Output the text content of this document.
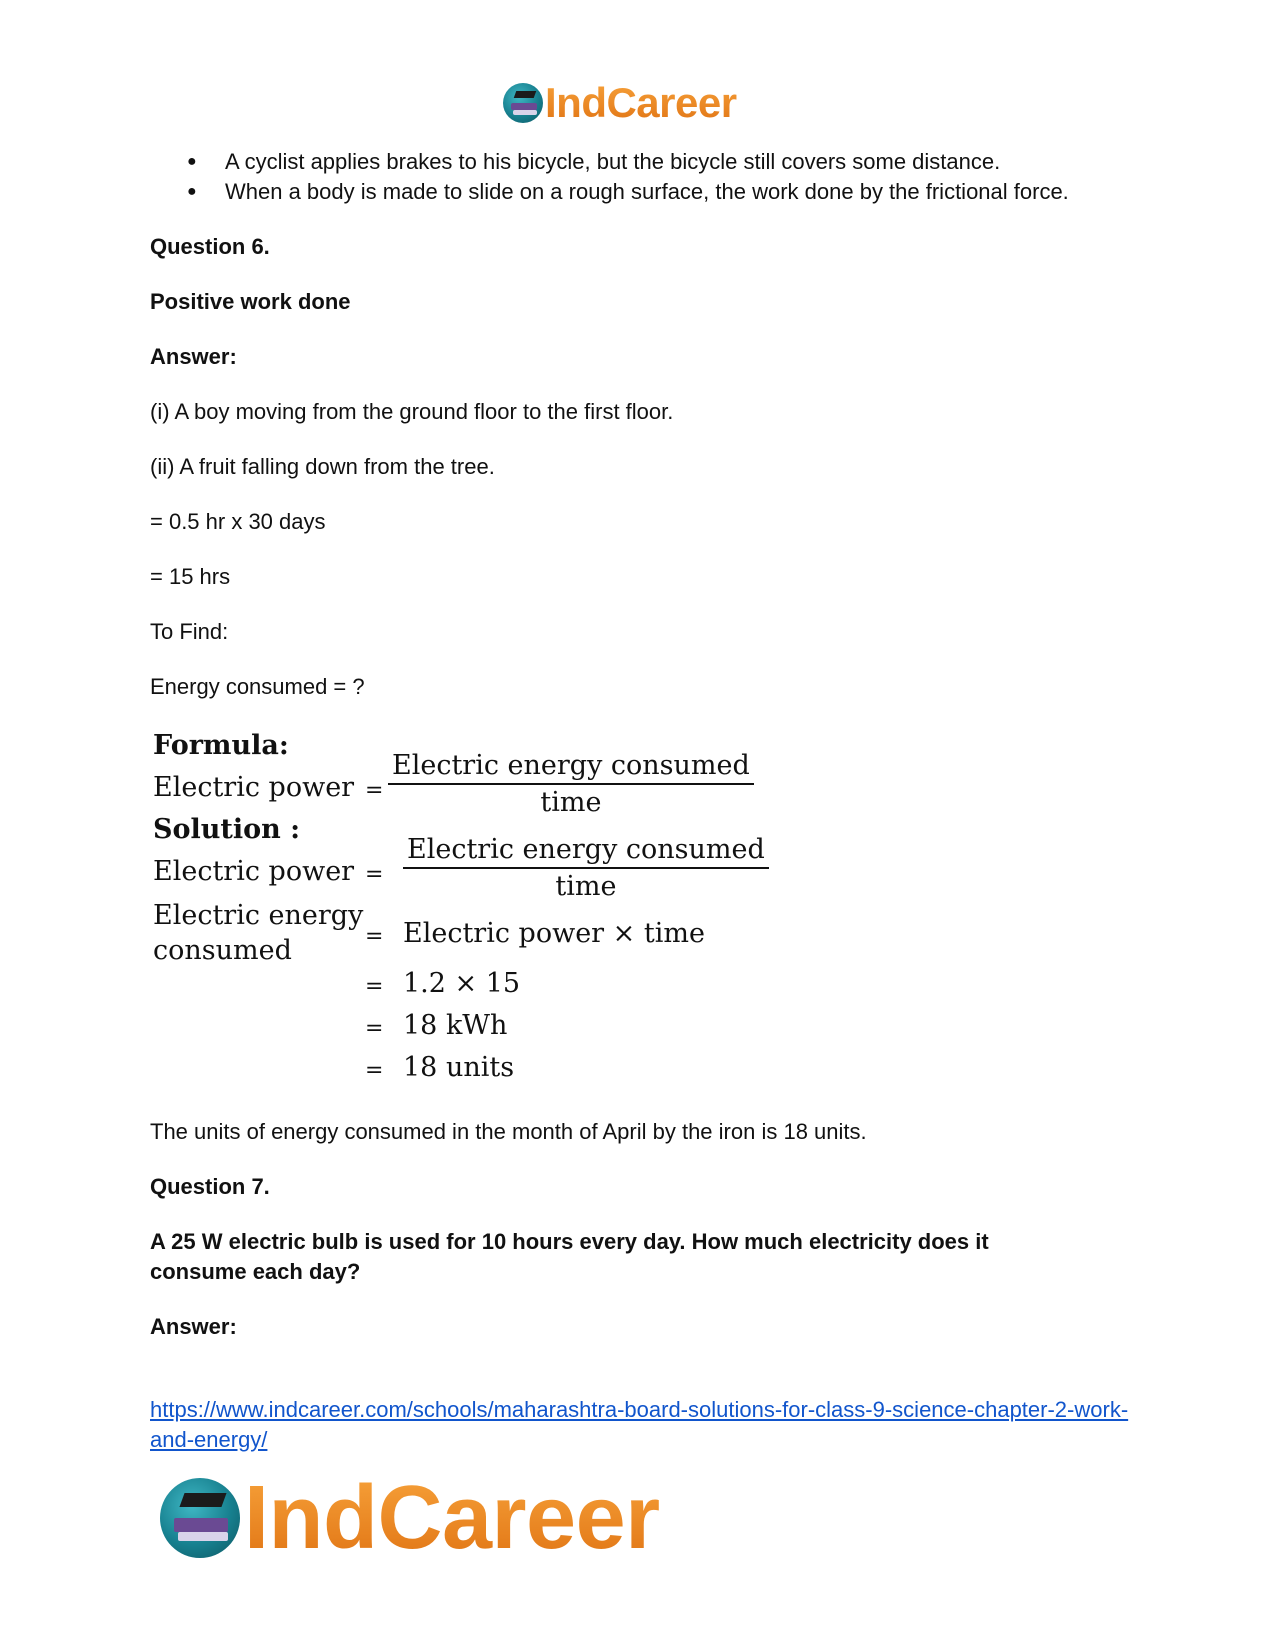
IndCareer
● A cyclist applies brakes to his bicycle, but the bicycle still covers some distance.
● When a body is made to slide on a rough surface, the work done by the frictional force.

Question 6.

Positive work done

Answer:

(i) A boy moving from the ground floor to the first floor.

(ii) A fruit falling down from the tree.

= 0.5 hr x 30 days

= 15 hrs

To Find:

Energy consumed = ?

Formula:
Electric power =
Electric energy consumed
time
Solution :
Electric power =
Electric energy consumed
time
Electric energy
consumed	= Electric power × time
= 1.2 × 15
= 18 kWh
= 18 units

The units of energy consumed in the month of April by the iron is 18 units.

Question 7.

A 25 W electric bulb is used for 10 hours every day. How much electricity does it consume each day?

Answer:

https://www.indcareer.com/schools/maharashtra-board-solutions-for-class-9-science-chapter-2-work-and-energy/
IndCareer
